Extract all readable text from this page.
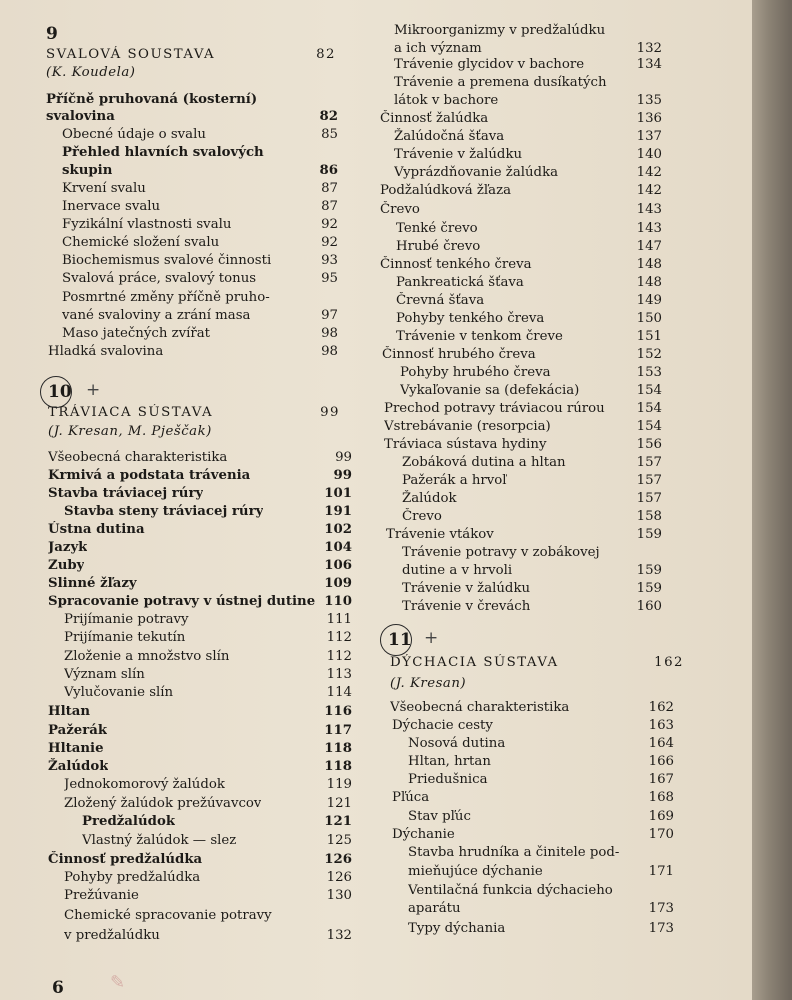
9
SVALOVÁ SOUSTAVA	82
(K. Koudela)
Příčně pruhovaná (kosterní)
svalovina	82
Obecné údaje o svalu	85
Přehled hlavních svalových
skupin	86
Krvení svalu	87
Inervace svalu	87
Fyzikální vlastnosti svalu	92
Chemické složení svalu	92
Biochemismus svalové činnosti	93
Svalová práce, svalový tonus	95
Posmrtné změny příčně pruho-
vané svaloviny a zrání masa	97
Maso jatečných zvířat	98
Hladká svalovina	98
10 +
TRÁVIACA SÚSTAVA	99
(J. Kresan, M. Pješčak)
Všeobecná charakteristika	99
Krmivá a podstata trávenia	99
Stavba tráviacej rúry	101
Stavba steny tráviacej rúry	191
Ústna dutina	102
Jazyk	104
Zuby	106
Slinné žľazy	109
Spracovanie potravy v ústnej dutine 110
Prijímanie potravy	111
Prijímanie tekutín	112
Zloženie a množstvo slín	112
Význam slín	113
Vylučovanie slín	114
Hltan	116
Pažerák	117
Hltanie	118
Žalúdok	118
Jednokomorový žalúdok	119
Zložený žalúdok prežúvavcov	121
Predžalúdok	121
Vlastný žalúdok — slez	125
Činnosť predžalúdka	126
Pohyby predžalúdka	126
Prežúvanie	130
Chemické spracovanie potravy
v predžalúdku	132
Mikroorganizmy v predžalúdku
a ich význam	132
Trávenie glycidov v bachore	134
Trávenie a premena dusíkatých
látok v bachore	135
Činnosť žalúdka	136
Žalúdočná šťava	137
Trávenie v žalúdku	140
Vyprázdňovanie žalúdka	142
Podžalúdková žľaza	142
Črevo	143
Tenké črevo	143
Hrubé črevo	147
Činnosť tenkého čreva	148
Pankreatická šťava	148
Črevná šťava	149
Pohyby tenkého čreva	150
Trávenie v tenkom čreve	151
Činnosť hrubého čreva	152
Pohyby hrubého čreva	153
Vykaľovanie sa (defekácia)	154
Prechod potravy tráviacou rúrou	154
Vstrebávanie (resorpcia)	154
Tráviaca sústava hydiny	156
Zobáková dutina a hltan	157
Pažerák a hrvoľ	157
Žalúdok	157
Črevo	158
Trávenie vtákov	159
Trávenie potravy v zobákovej
dutine a v hrvoli	159
Trávenie v žalúdku	159
Trávenie v črevách	160
11 +
DÝCHACIA SÚSTAVA	162
(J. Kresan)
Všeobecná charakteristika	162
Dýchacie cesty	163
Nosová dutina	164
Hltan, hrtan	166
Priedušnica	167
Pľúca	168
Stav pľúc	169
Dýchanie	170
Stavba hrudníka a činitele pod-
mieňujúce dýchanie	171
Ventilačná funkcia dýchacieho
aparátu	173
Typy dýchania	173
6	✎
